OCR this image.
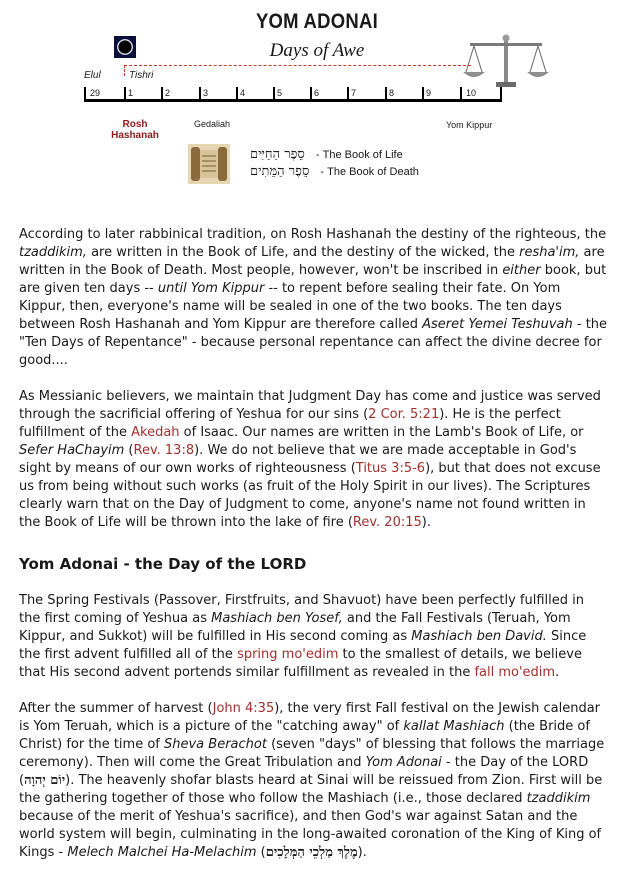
YOM ADONAI
Days of Awe
Elul	Tishri
29	1	2	3	4	5	6	7	8	9	10
Rosh Hashanah
Gedaliah	Yom Kippur
סֵפֶר הַחַיִּים - The Book of Life
סֵפֶר הַמֵּתִים - The Book of Death

According to later rabbinical tradition, on Rosh Hashanah the destiny of the righteous, the tzaddikim, are written in the Book of Life, and the destiny of the wicked, the resha'im, are written in the Book of Death. Most people, however, won't be inscribed in either book, but are given ten days -- until Yom Kippur -- to repent before sealing their fate. On Yom Kippur, then, everyone's name will be sealed in one of the two books. The ten days between Rosh Hashanah and Yom Kippur are therefore called Aseret Yemei Teshuvah - the "Ten Days of Repentance" - because personal repentance can affect the divine decree for good....

As Messianic believers, we maintain that Judgment Day has come and justice was served through the sacrificial offering of Yeshua for our sins (2 Cor. 5:21). He is the perfect fulfillment of the Akedah of Isaac. Our names are written in the Lamb's Book of Life, or Sefer HaChayim (Rev. 13:8). We do not believe that we are made acceptable in God's sight by means of our own works of righteousness (Titus 3:5-6), but that does not excuse us from being without such works (as fruit of the Holy Spirit in our lives). The Scriptures clearly warn that on the Day of Judgment to come, anyone's name not found written in the Book of Life will be thrown into the lake of fire (Rev. 20:15).

Yom Adonai - the Day of the LORD

The Spring Festivals (Passover, Firstfruits, and Shavuot) have been perfectly fulfilled in the first coming of Yeshua as Mashiach ben Yosef, and the Fall Festivals (Teruah, Yom Kippur, and Sukkot) will be fulfilled in His second coming as Mashiach ben David. Since the first advent fulfilled all of the spring mo'edim to the smallest of details, we believe that His second advent portends similar fulfillment as revealed in the fall mo'edim.

After the summer of harvest (John 4:35), the very first Fall festival on the Jewish calendar is Yom Teruah, which is a picture of the "catching away" of kallat Mashiach (the Bride of Christ) for the time of Sheva Berachot (seven "days" of blessing that follows the marriage ceremony). Then will come the Great Tribulation and Yom Adonai - the Day of the LORD (יוֹם יְהוָה). The heavenly shofar blasts heard at Sinai will be reissued from Zion. First will be the gathering together of those who follow the Mashiach (i.e., those declared tzaddikim because of the merit of Yeshua's sacrifice), and then God's war against Satan and the world system will begin, culminating in the long-awaited coronation of the King of King of Kings - Melech Malchei Ha-Melachim (מֶלֶךְ מַלְכֵי הַמְּלָכִים).
